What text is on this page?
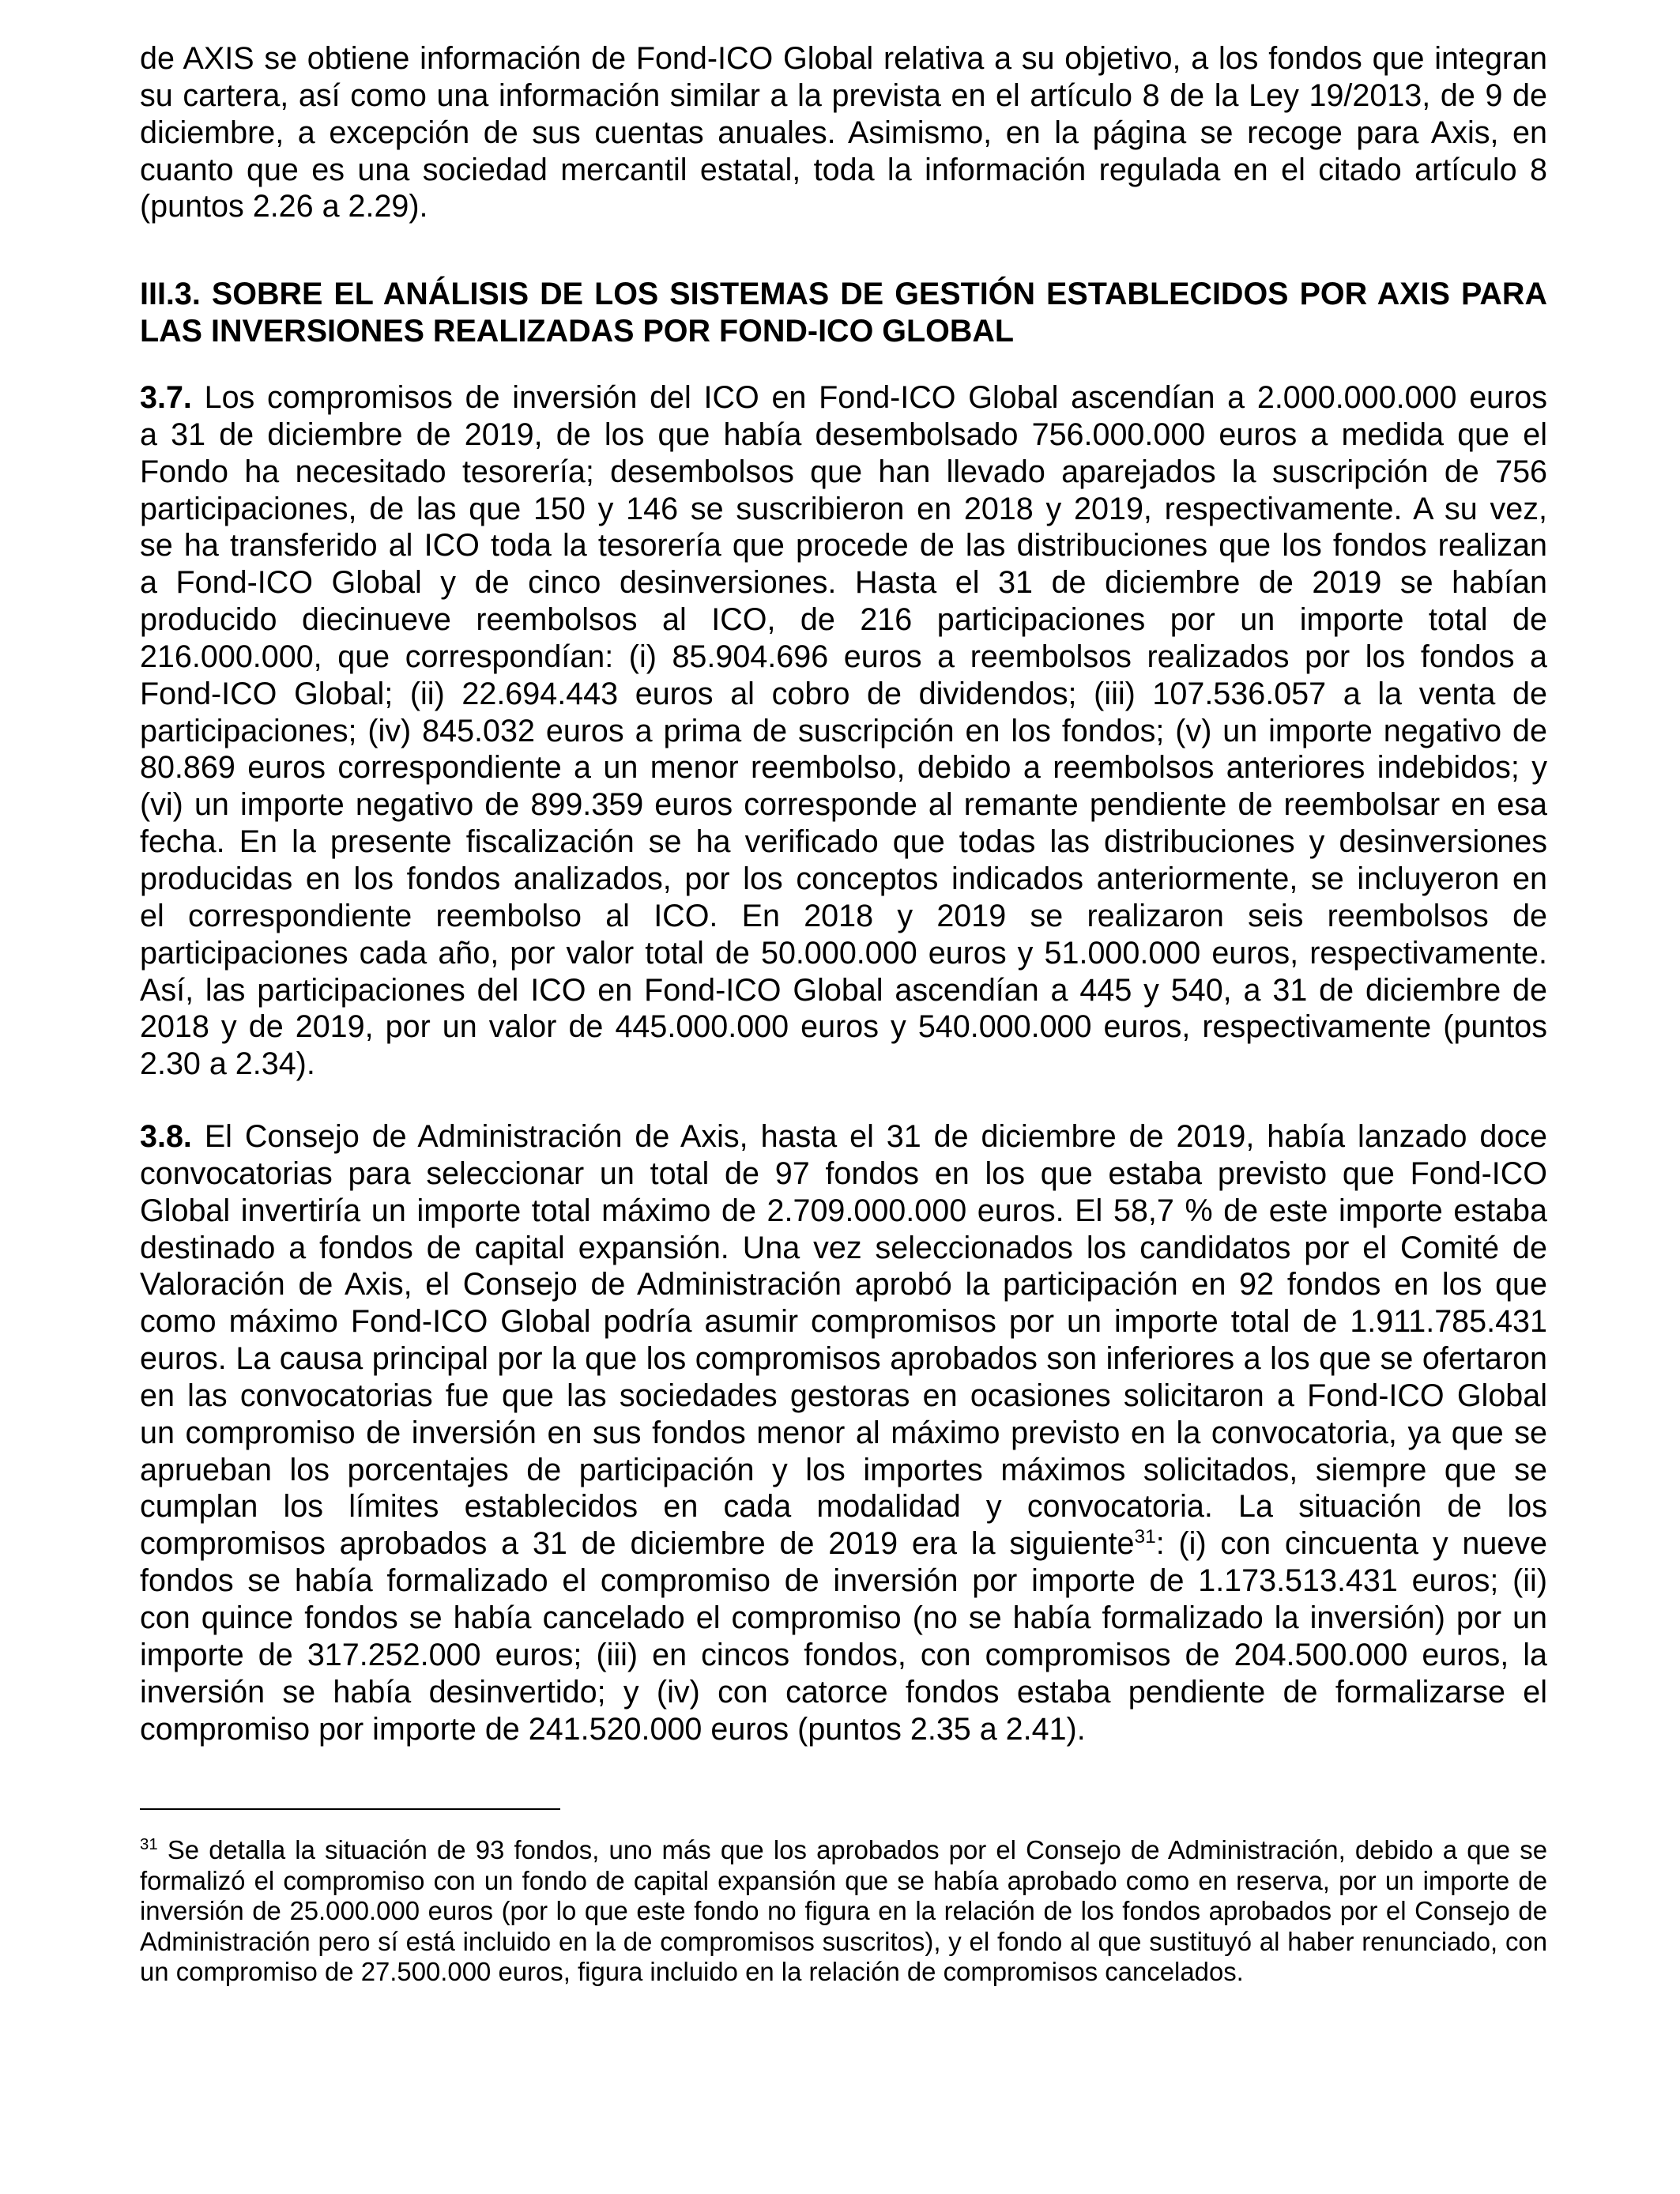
de AXIS se obtiene información de Fond-ICO Global relativa a su objetivo, a los fondos que integran
su cartera, así como una información similar a la prevista en el artículo 8 de la Ley 19/2013, de 9 de
diciembre, a excepción de sus cuentas anuales. Asimismo, en la página se recoge para Axis, en
cuanto que es una sociedad mercantil estatal, toda la información regulada en el citado artículo 8
(puntos 2.26 a 2.29).
III.3. SOBRE EL ANÁLISIS DE LOS SISTEMAS DE GESTIÓN ESTABLECIDOS POR AXIS PARA
LAS INVERSIONES REALIZADAS POR FOND-ICO GLOBAL
3.7. Los compromisos de inversión del ICO en Fond-ICO Global ascendían a 2.000.000.000 euros
a 31 de diciembre de 2019, de los que había desembolsado 756.000.000 euros a medida que el
Fondo ha necesitado tesorería; desembolsos que han llevado aparejados la suscripción de 756
participaciones, de las que 150 y 146 se suscribieron en 2018 y 2019, respectivamente. A su vez,
se ha transferido al ICO toda la tesorería que procede de las distribuciones que los fondos realizan
a Fond-ICO Global y de cinco desinversiones. Hasta el 31 de diciembre de 2019 se habían
producido diecinueve reembolsos al ICO, de 216 participaciones por un importe total de
216.000.000, que correspondían: (i) 85.904.696 euros a reembolsos realizados por los fondos a
Fond-ICO Global; (ii) 22.694.443 euros al cobro de dividendos; (iii) 107.536.057 a la venta de
participaciones; (iv) 845.032 euros a prima de suscripción en los fondos; (v) un importe negativo de
80.869 euros correspondiente a un menor reembolso, debido a reembolsos anteriores indebidos; y
(vi) un importe negativo de 899.359 euros corresponde al remante pendiente de reembolsar en esa
fecha. En la presente fiscalización se ha verificado que todas las distribuciones y desinversiones
producidas en los fondos analizados, por los conceptos indicados anteriormente, se incluyeron en
el correspondiente reembolso al ICO. En 2018 y 2019 se realizaron seis reembolsos de
participaciones cada año, por valor total de 50.000.000 euros y 51.000.000 euros, respectivamente.
Así, las participaciones del ICO en Fond-ICO Global ascendían a 445 y 540, a 31 de diciembre de
2018 y de 2019, por un valor de 445.000.000 euros y 540.000.000 euros, respectivamente (puntos
2.30 a 2.34).
3.8. El Consejo de Administración de Axis, hasta el 31 de diciembre de 2019, había lanzado doce
convocatorias para seleccionar un total de 97 fondos en los que estaba previsto que Fond-ICO
Global invertiría un importe total máximo de 2.709.000.000 euros. El 58,7 % de este importe estaba
destinado a fondos de capital expansión. Una vez seleccionados los candidatos por el Comité de
Valoración de Axis, el Consejo de Administración aprobó la participación en 92 fondos en los que
como máximo Fond-ICO Global podría asumir compromisos por un importe total de 1.911.785.431
euros. La causa principal por la que los compromisos aprobados son inferiores a los que se ofertaron
en las convocatorias fue que las sociedades gestoras en ocasiones solicitaron a Fond-ICO Global
un compromiso de inversión en sus fondos menor al máximo previsto en la convocatoria, ya que se
aprueban los porcentajes de participación y los importes máximos solicitados, siempre que se
cumplan los límites establecidos en cada modalidad y convocatoria. La situación de los
compromisos aprobados a 31 de diciembre de 2019 era la siguiente$^{31}$: (i) con cincuenta y nueve
fondos se había formalizado el compromiso de inversión por importe de 1.173.513.431 euros; (ii)
con quince fondos se había cancelado el compromiso (no se había formalizado la inversión) por un
importe de 317.252.000 euros; (iii) en cincos fondos, con compromisos de 204.500.000 euros, la
inversión se había desinvertido; y (iv) con catorce fondos estaba pendiente de formalizarse el
compromiso por importe de 241.520.000 euros (puntos 2.35 a 2.41).
$^{31}$ Se detalla la situación de 93 fondos, uno más que los aprobados por el Consejo de Administración, debido a que se
formalizó el compromiso con un fondo de capital expansión que se había aprobado como en reserva, por un importe de
inversión de 25.000.000 euros (por lo que este fondo no figura en la relación de los fondos aprobados por el Consejo de
Administración pero sí está incluido en la de compromisos suscritos), y el fondo al que sustituyó al haber renunciado, con
un compromiso de 27.500.000 euros, figura incluido en la relación de compromisos cancelados.
